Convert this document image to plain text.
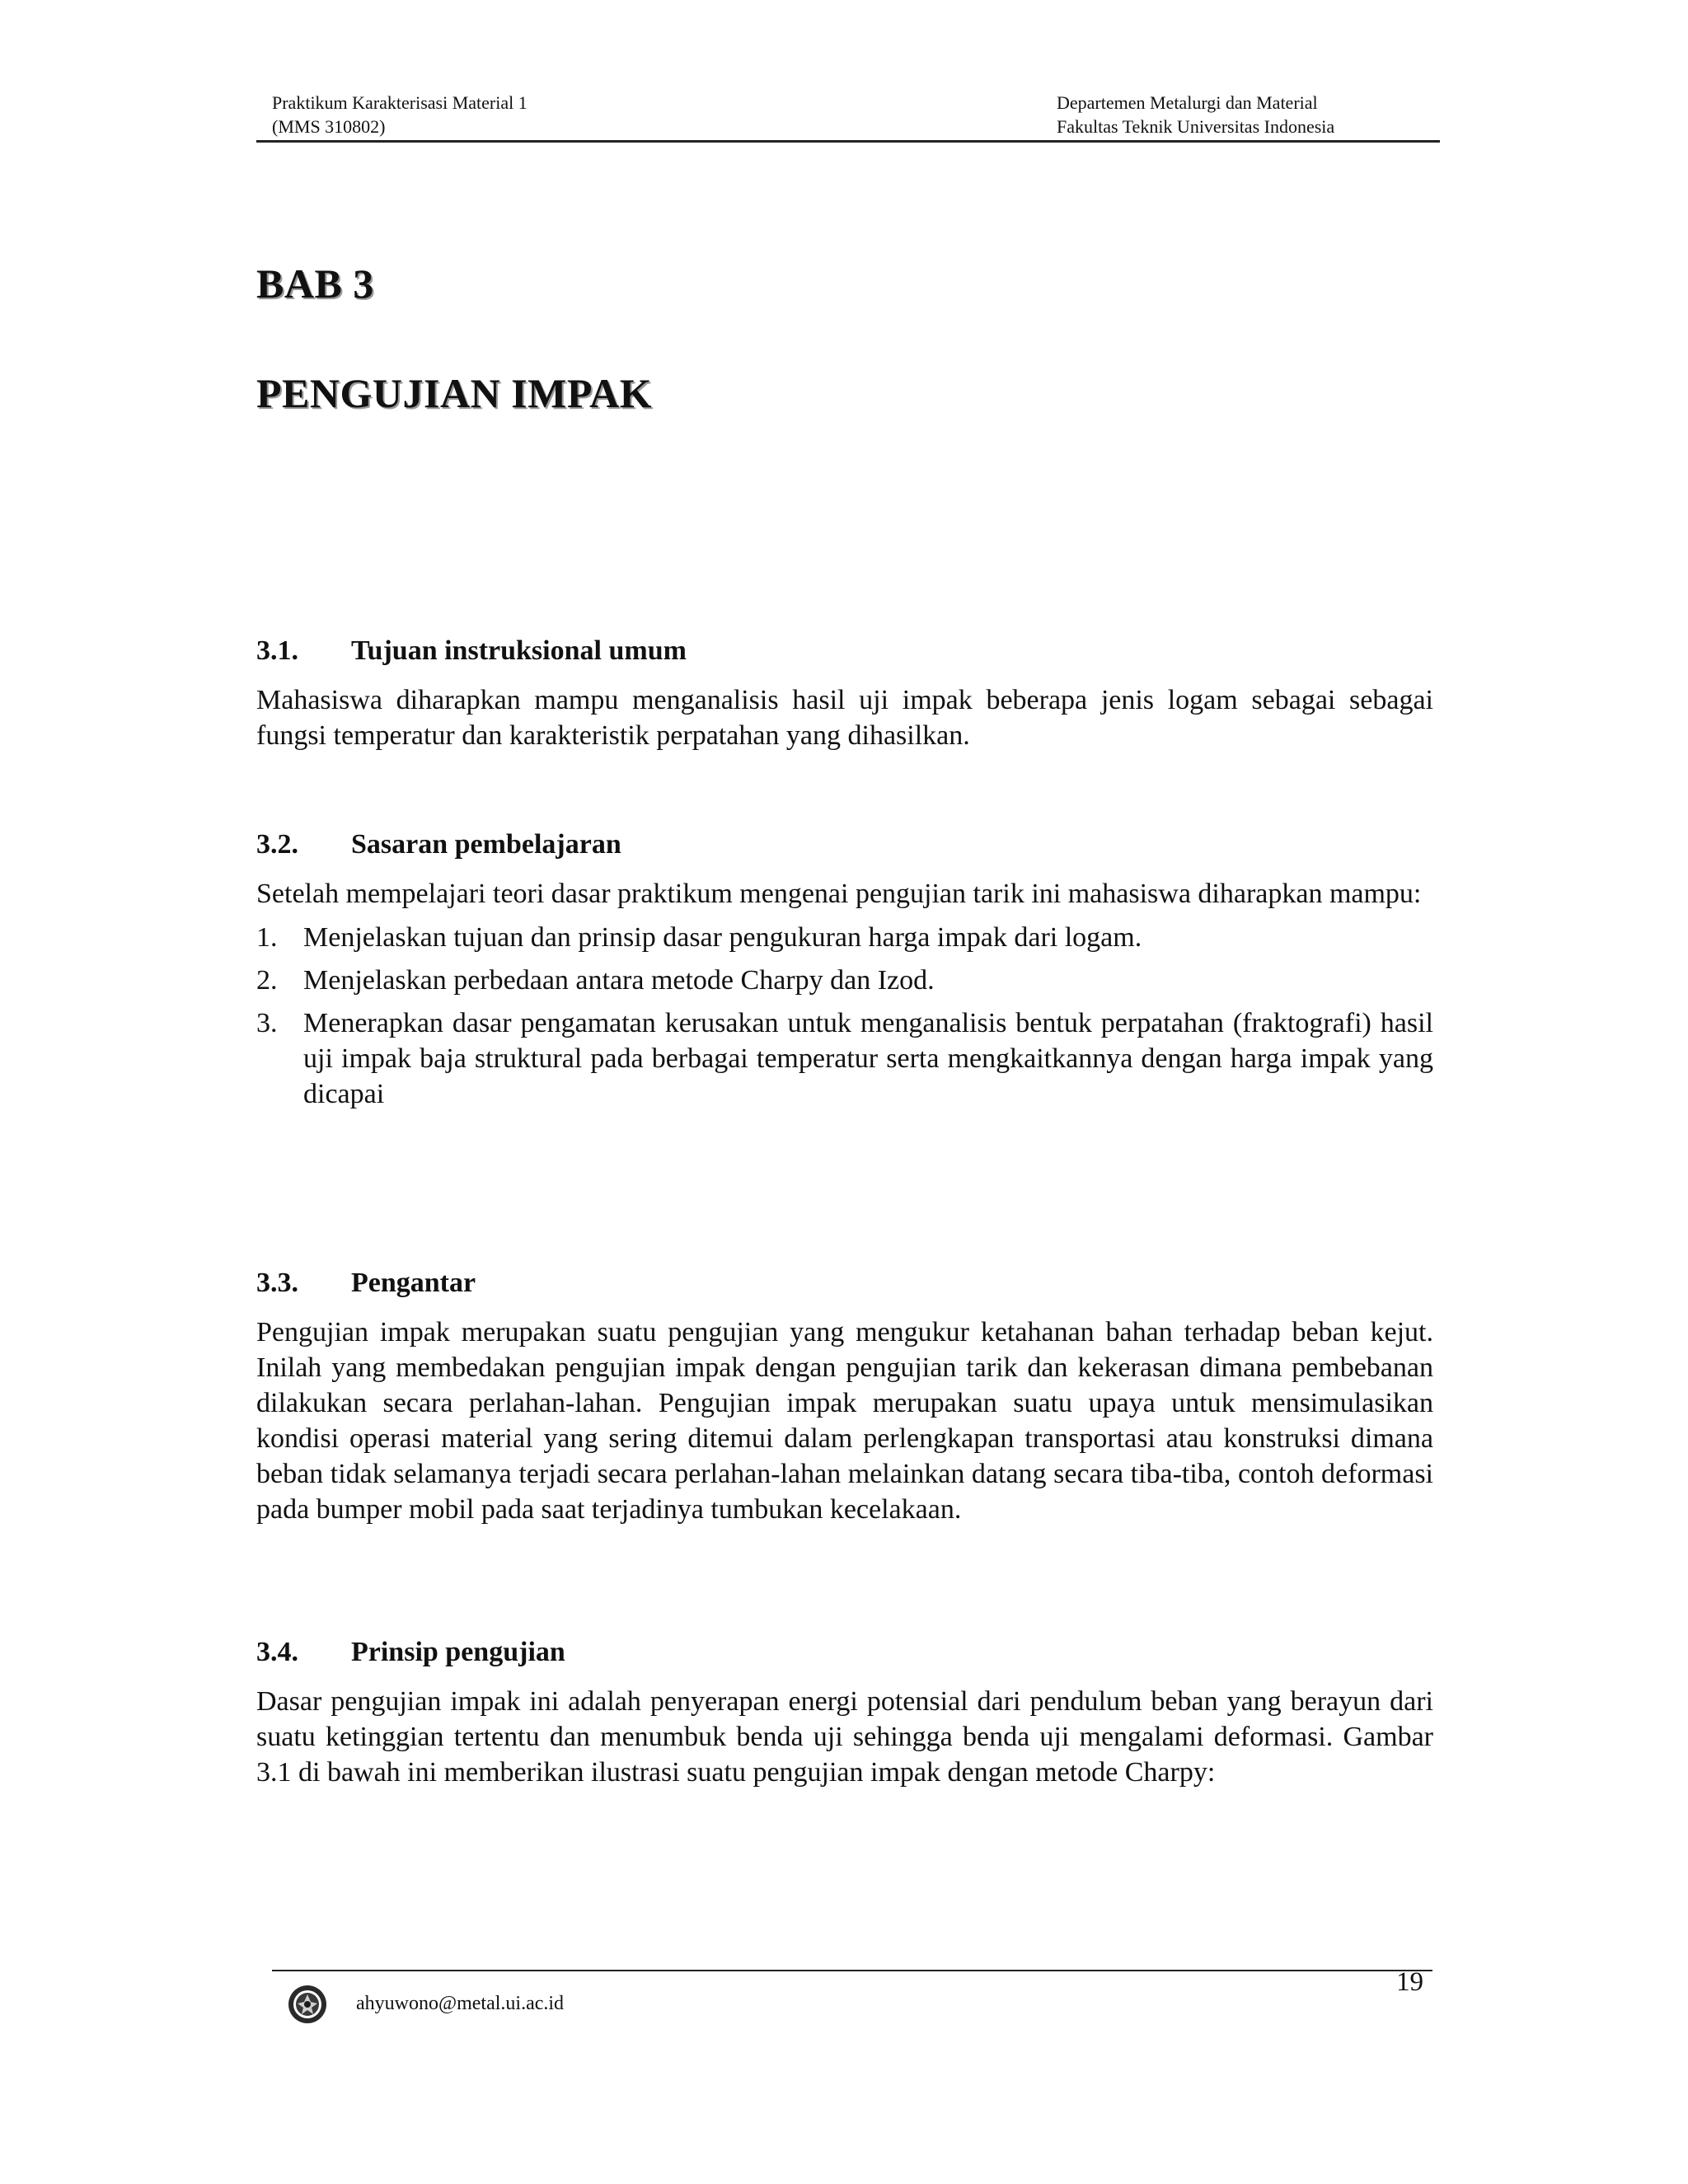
Praktikum Karakterisasi Material 1
(MMS 310802)
Departemen Metalurgi dan Material
Fakultas Teknik Universitas Indonesia
BAB 3
PENGUJIAN IMPAK
3.1.	Tujuan instruksional umum

Mahasiswa diharapkan mampu menganalisis hasil uji impak beberapa jenis logam sebagai sebagai fungsi temperatur dan karakteristik perpatahan yang dihasilkan.

3.2.	Sasaran pembelajaran

Setelah mempelajari teori dasar praktikum mengenai pengujian tarik ini mahasiswa diharapkan mampu:

1. Menjelaskan tujuan dan prinsip dasar pengukuran harga impak dari logam.
2. Menjelaskan perbedaan antara metode Charpy dan Izod.
3. Menerapkan dasar pengamatan kerusakan untuk menganalisis bentuk perpatahan (fraktografi) hasil uji impak baja struktural pada berbagai temperatur serta mengkaitkannya dengan harga impak yang dicapai
3.3.	Pengantar

Pengujian impak merupakan suatu pengujian yang mengukur ketahanan bahan terhadap beban kejut. Inilah yang membedakan pengujian impak dengan pengujian tarik dan kekerasan dimana pembebanan dilakukan secara perlahan-lahan. Pengujian impak merupakan suatu upaya untuk mensimulasikan kondisi operasi material yang sering ditemui dalam perlengkapan transportasi atau konstruksi dimana beban tidak selamanya terjadi secara perlahan-lahan melainkan datang secara tiba-tiba, contoh deformasi pada bumper mobil pada saat terjadinya tumbukan kecelakaan.

3.4.	Prinsip pengujian

Dasar pengujian impak ini adalah penyerapan energi potensial dari pendulum beban yang berayun dari suatu ketinggian tertentu dan menumbuk benda uji sehingga benda uji mengalami deformasi. Gambar 3.1 di bawah ini memberikan ilustrasi suatu pengujian impak dengan metode Charpy:

ahyuwono@metal.ui.ac.id
19
